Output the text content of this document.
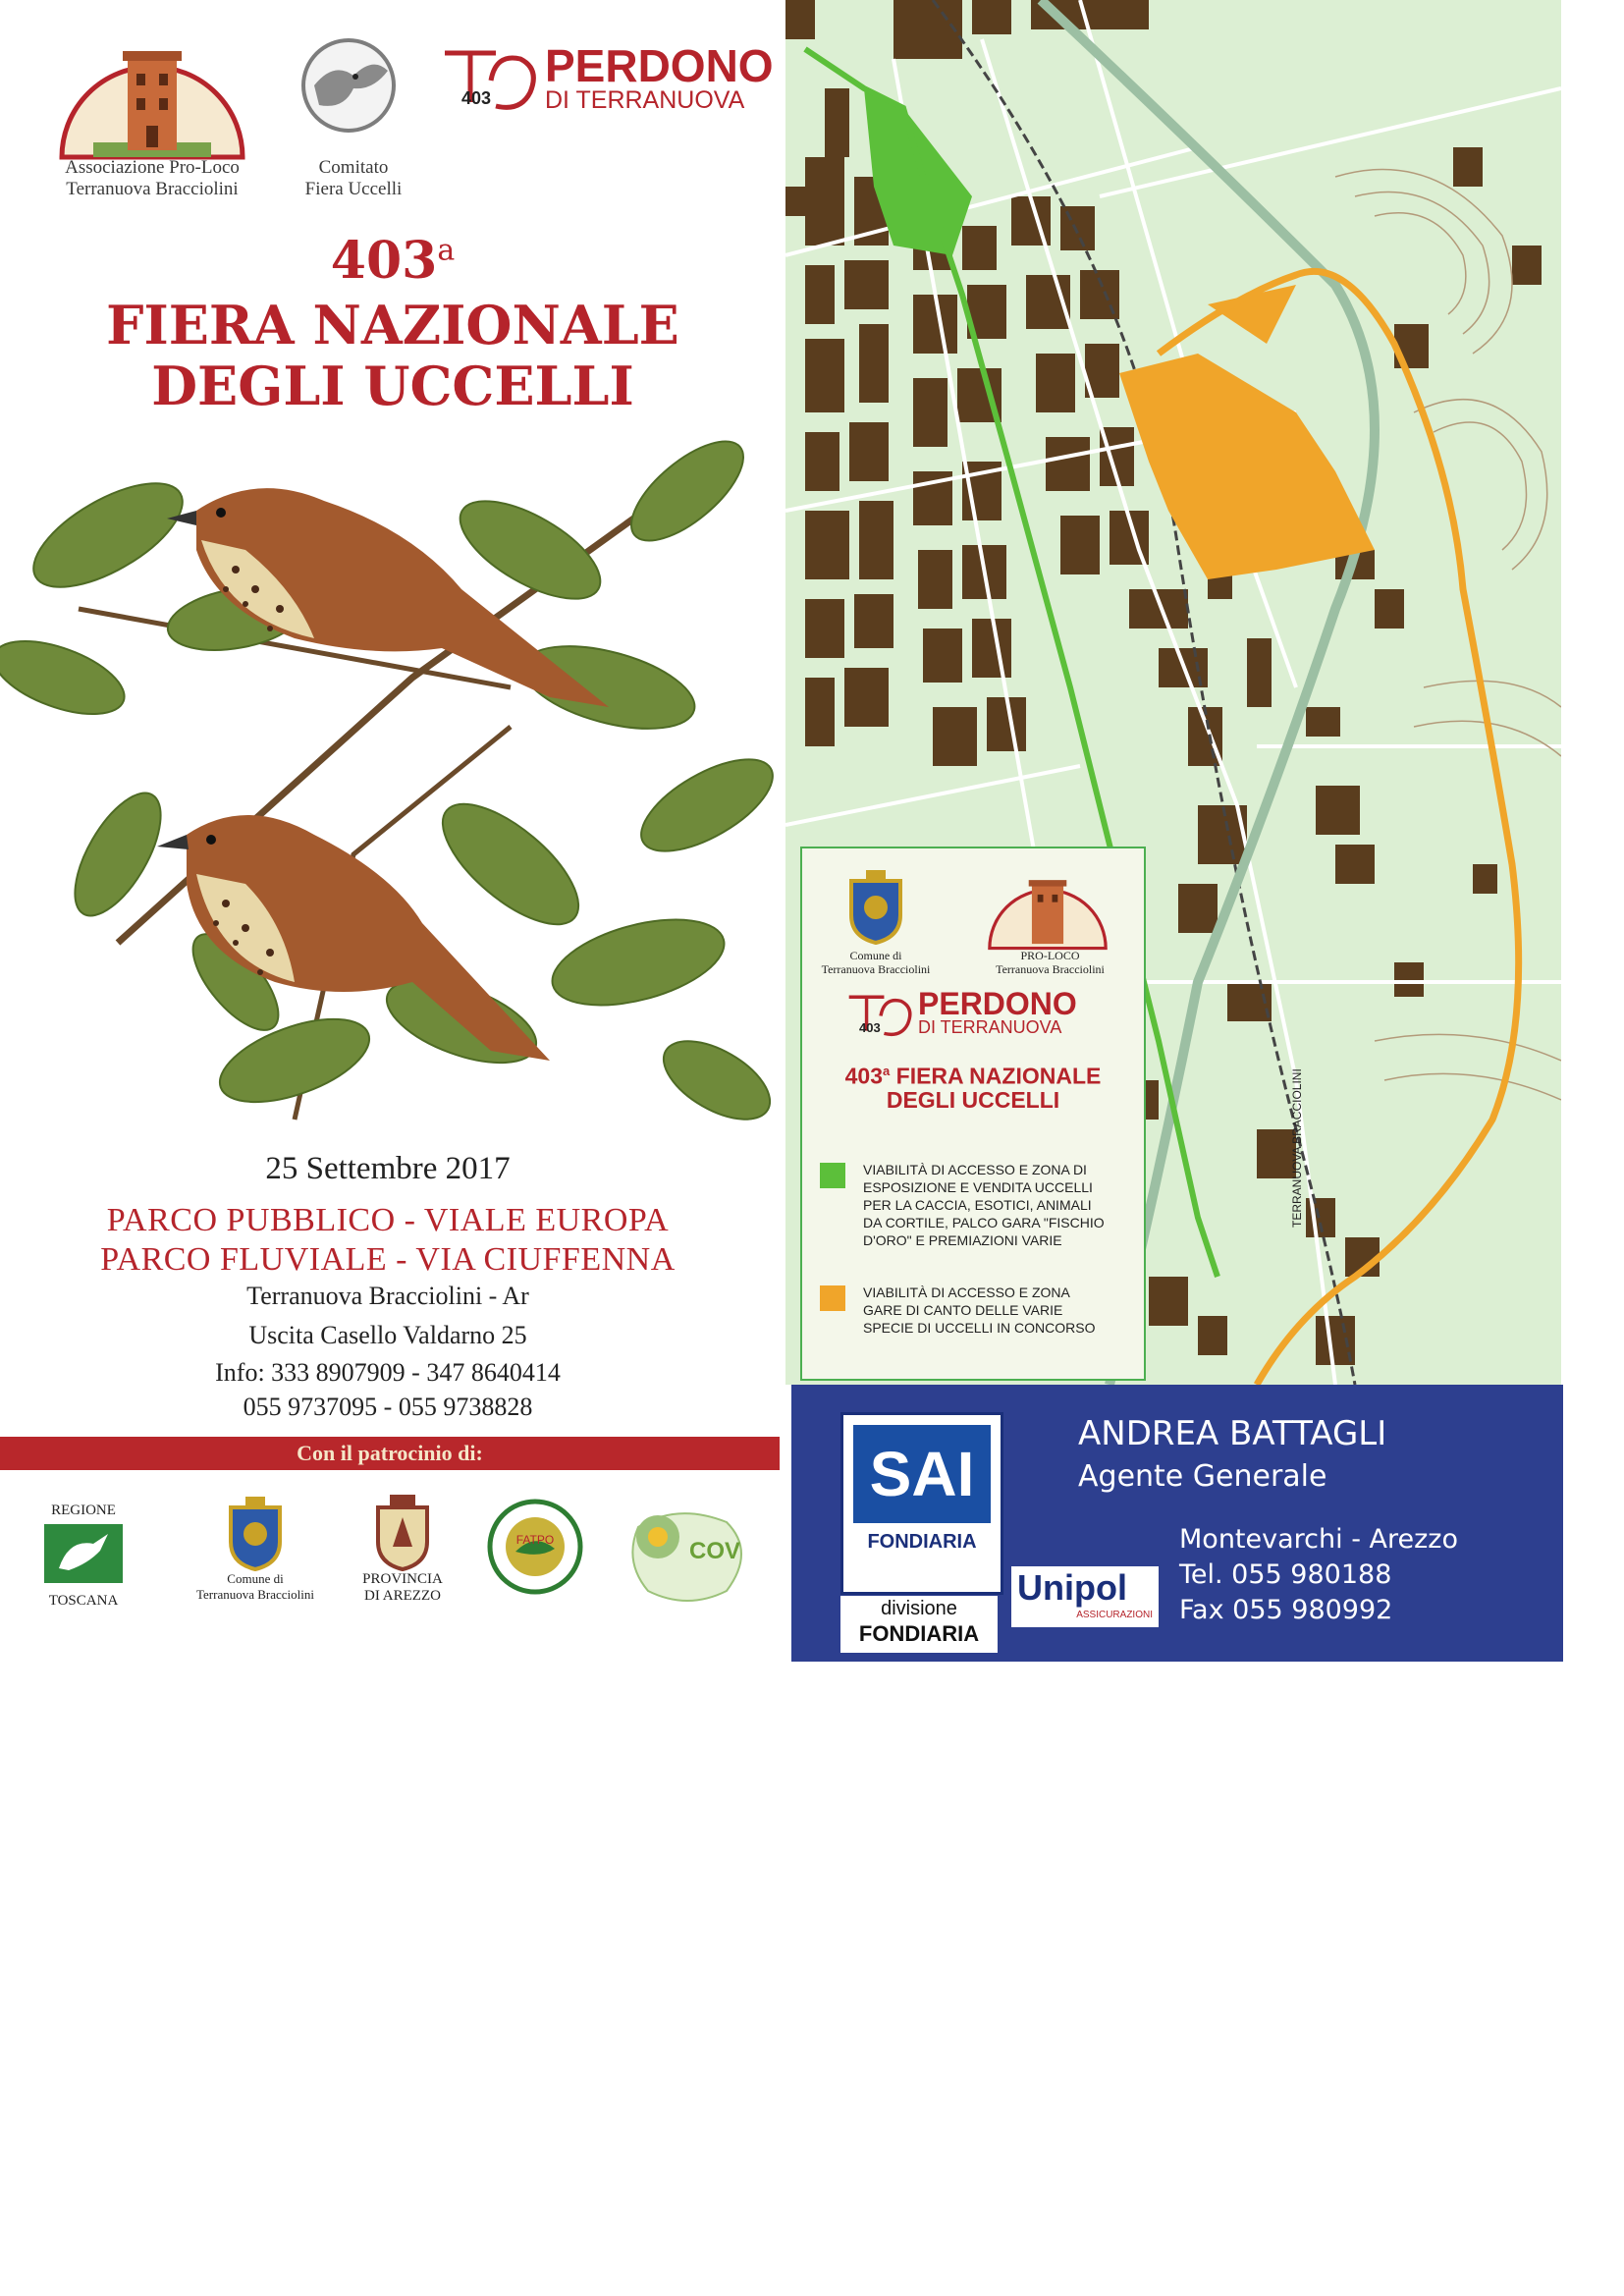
Associazione Pro-Loco
Terranuova Bracciolini
Comitato
Fiera Uccelli
PERDONO
DI TERRANUOVA
403
403$^a$
FIERA NAZIONALE
DEGLI UCCELLI
25 Settembre 2017
PARCO PUBBLICO - VIALE EUROPA
PARCO FLUVIALE - VIA CIUFFENNA
Terranuova Bracciolini - Ar
Uscita Casello Valdarno 25
Info: 333 8907909 - 347 8640414
055 9737095 - 055 9738828
Con il patrocinio di:
REGIONE
TOSCANA
Comune di
Terranuova Bracciolini
PROVINCIA
DI AREZZO
FATPO	COV
TERRANUOVA BRACCIOLINI
Comune di
Terranuova Bracciolini
PRO-LOCO
Terranuova Bracciolini
PERDONO
DI TERRANUOVA
403
403$^a$ FIERA NAZIONALE
DEGLI UCCELLI
VIABILITÀ DI ACCESSO E ZONA DI
ESPOSIZIONE E VENDITA UCCELLI
PER LA CACCIA, ESOTICI, ANIMALI
DA CORTILE, PALCO GARA "FISCHIO
D'ORO" E PREMIAZIONI VARIE
VIABILITÀ DI ACCESSO E ZONA
GARE DI CANTO DELLE VARIE
SPECIE DI UCCELLI IN CONCORSO
SAI
FONDIARIA
divisione
FONDIARIA
Unipol
ASSICURAZIONI
ANDREA BATTAGLI
Agente Generale
Montevarchi - Arezzo
Tel. 055 980188
Fax 055 980992
